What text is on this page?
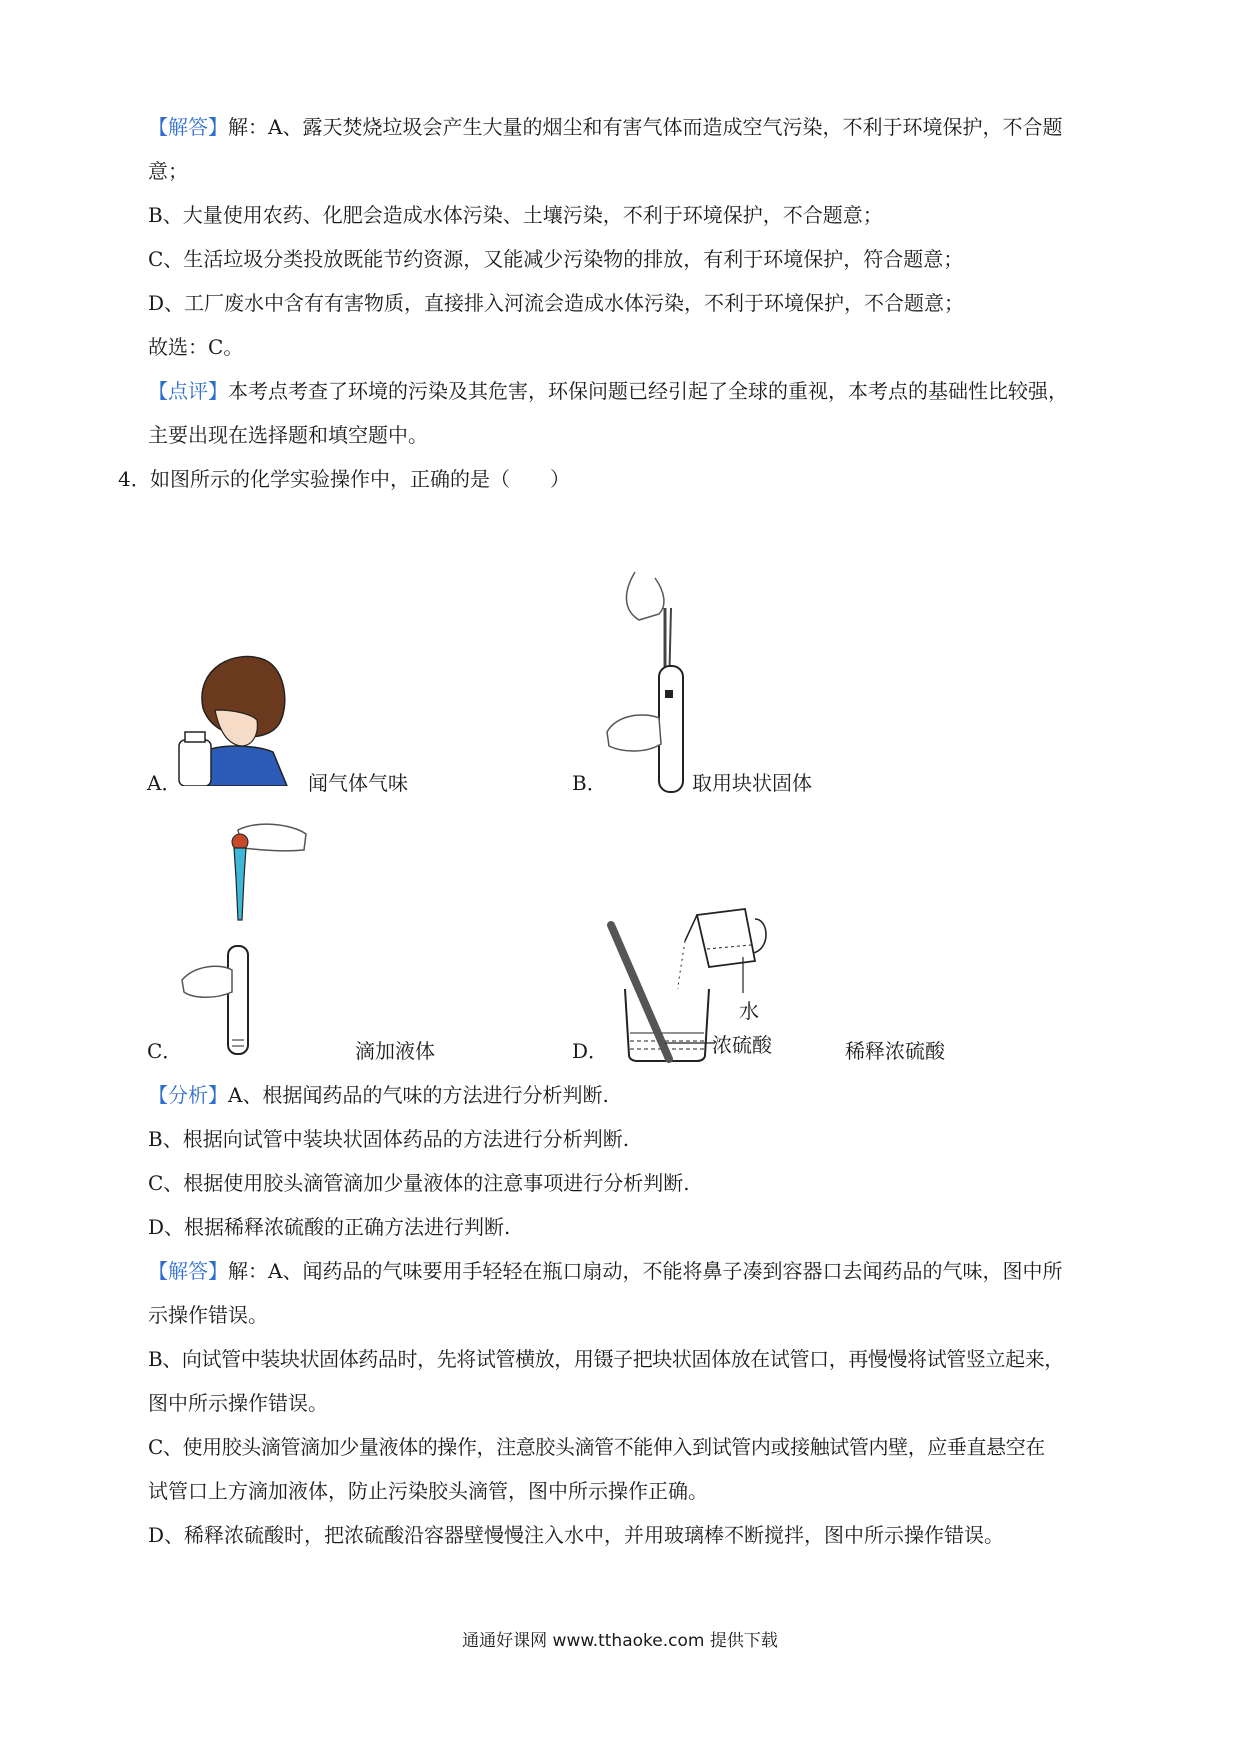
【解答】解：A、露天焚烧垃圾会产生大量的烟尘和有害气体而造成空气污染，不利于环境保护，不合题
意；
B、大量使用农药、化肥会造成水体污染、土壤污染，不利于环境保护，不合题意；
C、生活垃圾分类投放既能节约资源，又能减少污染物的排放，有利于环境保护，符合题意；
D、工厂废水中含有有害物质，直接排入河流会造成水体污染，不利于环境保护，不合题意；
故选：C。
【点评】本考点考查了环境的污染及其危害，环保问题已经引起了全球的重视，本考点的基础性比较强，
主要出现在选择题和填空题中。
4． 如图所示的化学实验操作中，正确的是（　　）
A．	闻气体气味	B．	取用块状固体
C．	滴加液体
水
浓硫酸
D．	稀释浓硫酸
【分析】A、根据闻药品的气味的方法进行分析判断.
B、根据向试管中装块状固体药品的方法进行分析判断.
C、根据使用胶头滴管滴加少量液体的注意事项进行分析判断.
D、根据稀释浓硫酸的正确方法进行判断.
【解答】解：A、闻药品的气味要用手轻轻在瓶口扇动，不能将鼻子凑到容器口去闻药品的气味，图中所
示操作错误。
B、向试管中装块状固体药品时，先将试管横放，用镊子把块状固体放在试管口，再慢慢将试管竖立起来，
图中所示操作错误。
C、使用胶头滴管滴加少量液体的操作，注意胶头滴管不能伸入到试管内或接触试管内壁，应垂直悬空在
试管口上方滴加液体，防止污染胶头滴管，图中所示操作正确。
D、稀释浓硫酸时，把浓硫酸沿容器壁慢慢注入水中，并用玻璃棒不断搅拌，图中所示操作错误。
通通好课网 www.tthaoke.com 提供下载
